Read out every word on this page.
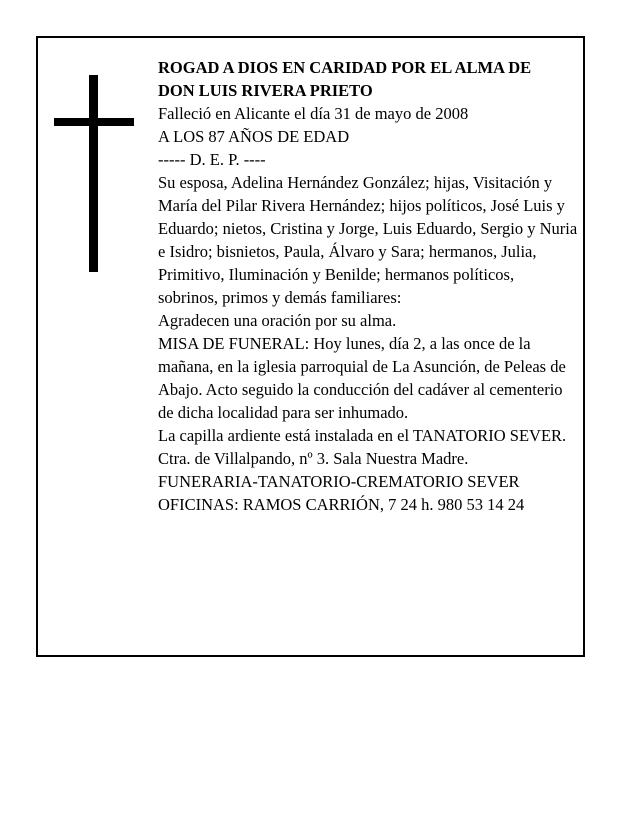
ROGAD A DIOS EN CARIDAD POR EL ALMA DE

DON LUIS RIVERA PRIETO

Falleció en Alicante el día 31 de mayo de 2008

A LOS 87 AÑOS DE EDAD

----- D. E. P. ----

Su esposa, Adelina Hernández González; hijas, Visitación y María del Pilar Rivera Hernández; hijos políticos, José Luis y Eduardo; nietos, Cristina y Jorge, Luis Eduardo, Sergio y Nuria e Isidro; bisnietos, Paula, Álvaro y Sara; hermanos, Julia, Primitivo, Iluminación y Benilde; hermanos políticos, sobrinos, primos y demás familiares:

Agradecen una oración por su alma.

MISA DE FUNERAL: Hoy lunes, día 2, a las once de la mañana, en la iglesia parroquial de La Asunción, de Peleas de Abajo. Acto seguido la conducción del cadáver al cementerio de dicha localidad para ser inhumado.

La capilla ardiente está instalada en el TANATORIO SEVER. Ctra. de Villalpando, nº 3. Sala Nuestra Madre.

FUNERARIA-TANATORIO-CREMATORIO SEVER

OFICINAS: RAMOS CARRIÓN, 7 24 h. 980 53 14 24
